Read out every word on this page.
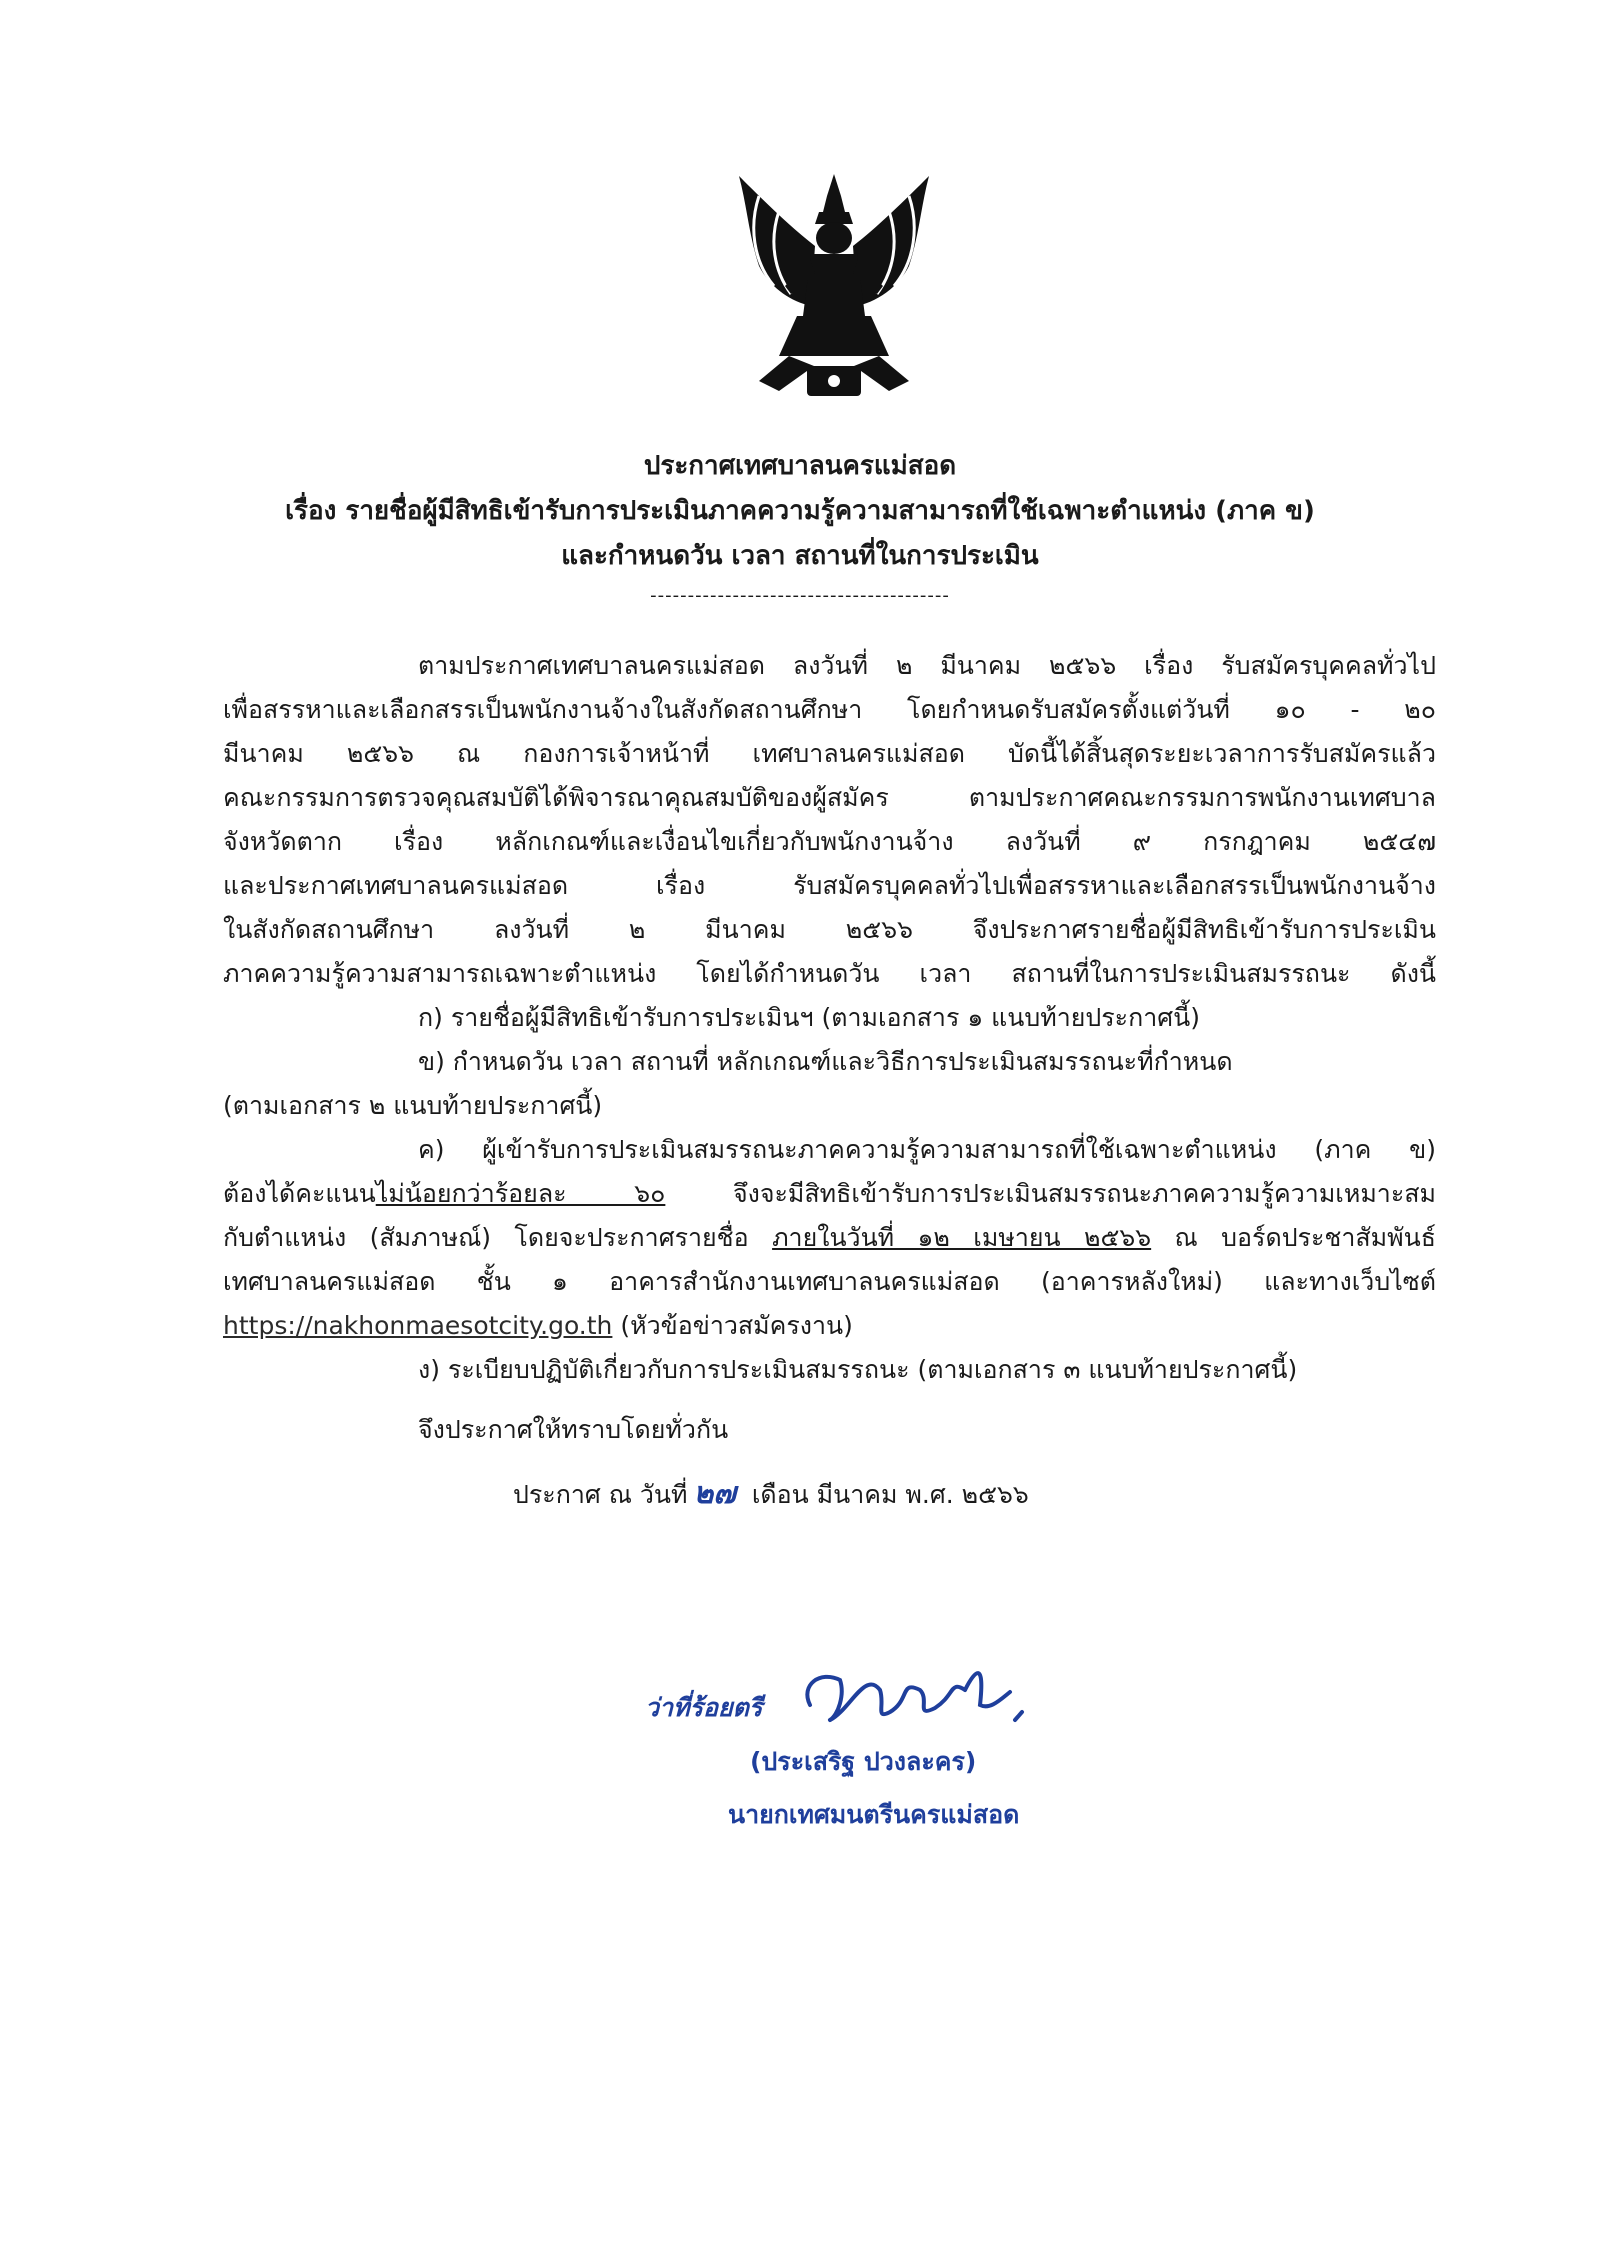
ประกาศเทศบาลนครแม่สอด
เรื่อง รายชื่อผู้มีสิทธิเข้ารับการประเมินภาคความรู้ความสามารถที่ใช้เฉพาะตำแหน่ง (ภาค ข)
และกำหนดวัน เวลา สถานที่ในการประเมิน
----------------------------------------
ตามประกาศเทศบาลนครแม่สอด ลงวันที่ ๒ มีนาคม ๒๕๖๖ เรื่อง รับสมัครบุคคลทั่วไป
เพื่อสรรหาและเลือกสรรเป็นพนักงานจ้างในสังกัดสถานศึกษา โดยกำหนดรับสมัครตั้งแต่วันที่ ๑๐ - ๒๐
มีนาคม ๒๕๖๖ ณ กองการเจ้าหน้าที่ เทศบาลนครแม่สอด บัดนี้ได้สิ้นสุดระยะเวลาการรับสมัครแล้ว
คณะกรรมการตรวจคุณสมบัติได้พิจารณาคุณสมบัติของผู้สมัคร ตามประกาศคณะกรรมการพนักงานเทศบาล
จังหวัดตาก เรื่อง หลักเกณฑ์และเงื่อนไขเกี่ยวกับพนักงานจ้าง ลงวันที่ ๙ กรกฎาคม ๒๕๔๗
และประกาศเทศบาลนครแม่สอด เรื่อง รับสมัครบุคคลทั่วไปเพื่อสรรหาและเลือกสรรเป็นพนักงานจ้าง
ในสังกัดสถานศึกษา ลงวันที่ ๒ มีนาคม ๒๕๖๖ จึงประกาศรายชื่อผู้มีสิทธิเข้ารับการประเมิน
ภาคความรู้ความสามารถเฉพาะตำแหน่ง โดยได้กำหนดวัน เวลา สถานที่ในการประเมินสมรรถนะ ดังนี้
ก) รายชื่อผู้มีสิทธิเข้ารับการประเมินฯ (ตามเอกสาร ๑ แนบท้ายประกาศนี้)
ข) กำหนดวัน เวลา สถานที่ หลักเกณฑ์และวิธีการประเมินสมรรถนะที่กำหนด
(ตามเอกสาร ๒ แนบท้ายประกาศนี้)
ค) ผู้เข้ารับการประเมินสมรรถนะภาคความรู้ความสามารถที่ใช้เฉพาะตำแหน่ง (ภาค ข)
ต้องได้คะแนนไม่น้อยกว่าร้อยละ ๖๐ จึงจะมีสิทธิเข้ารับการประเมินสมรรถนะภาคความรู้ความเหมาะสม
กับตำแหน่ง (สัมภาษณ์) โดยจะประกาศรายชื่อ ภายในวันที่ ๑๒ เมษายน ๒๕๖๖ ณ บอร์ดประชาสัมพันธ์
เทศบาลนครแม่สอด ชั้น ๑ อาคารสำนักงานเทศบาลนครแม่สอด (อาคารหลังใหม่) และทางเว็บไซต์
https://nakhonmaesotcity.go.th (หัวข้อข่าวสมัครงาน)
ง) ระเบียบปฏิบัติเกี่ยวกับการประเมินสมรรถนะ (ตามเอกสาร ๓ แนบท้ายประกาศนี้)
จึงประกาศให้ทราบโดยทั่วกัน
ประกาศ ณ วันที่ ๒๗ เดือน มีนาคม พ.ศ. ๒๕๖๖
ว่าที่ร้อยตรี
(ประเสริฐ ปวงละคร)
นายกเทศมนตรีนครแม่สอด
